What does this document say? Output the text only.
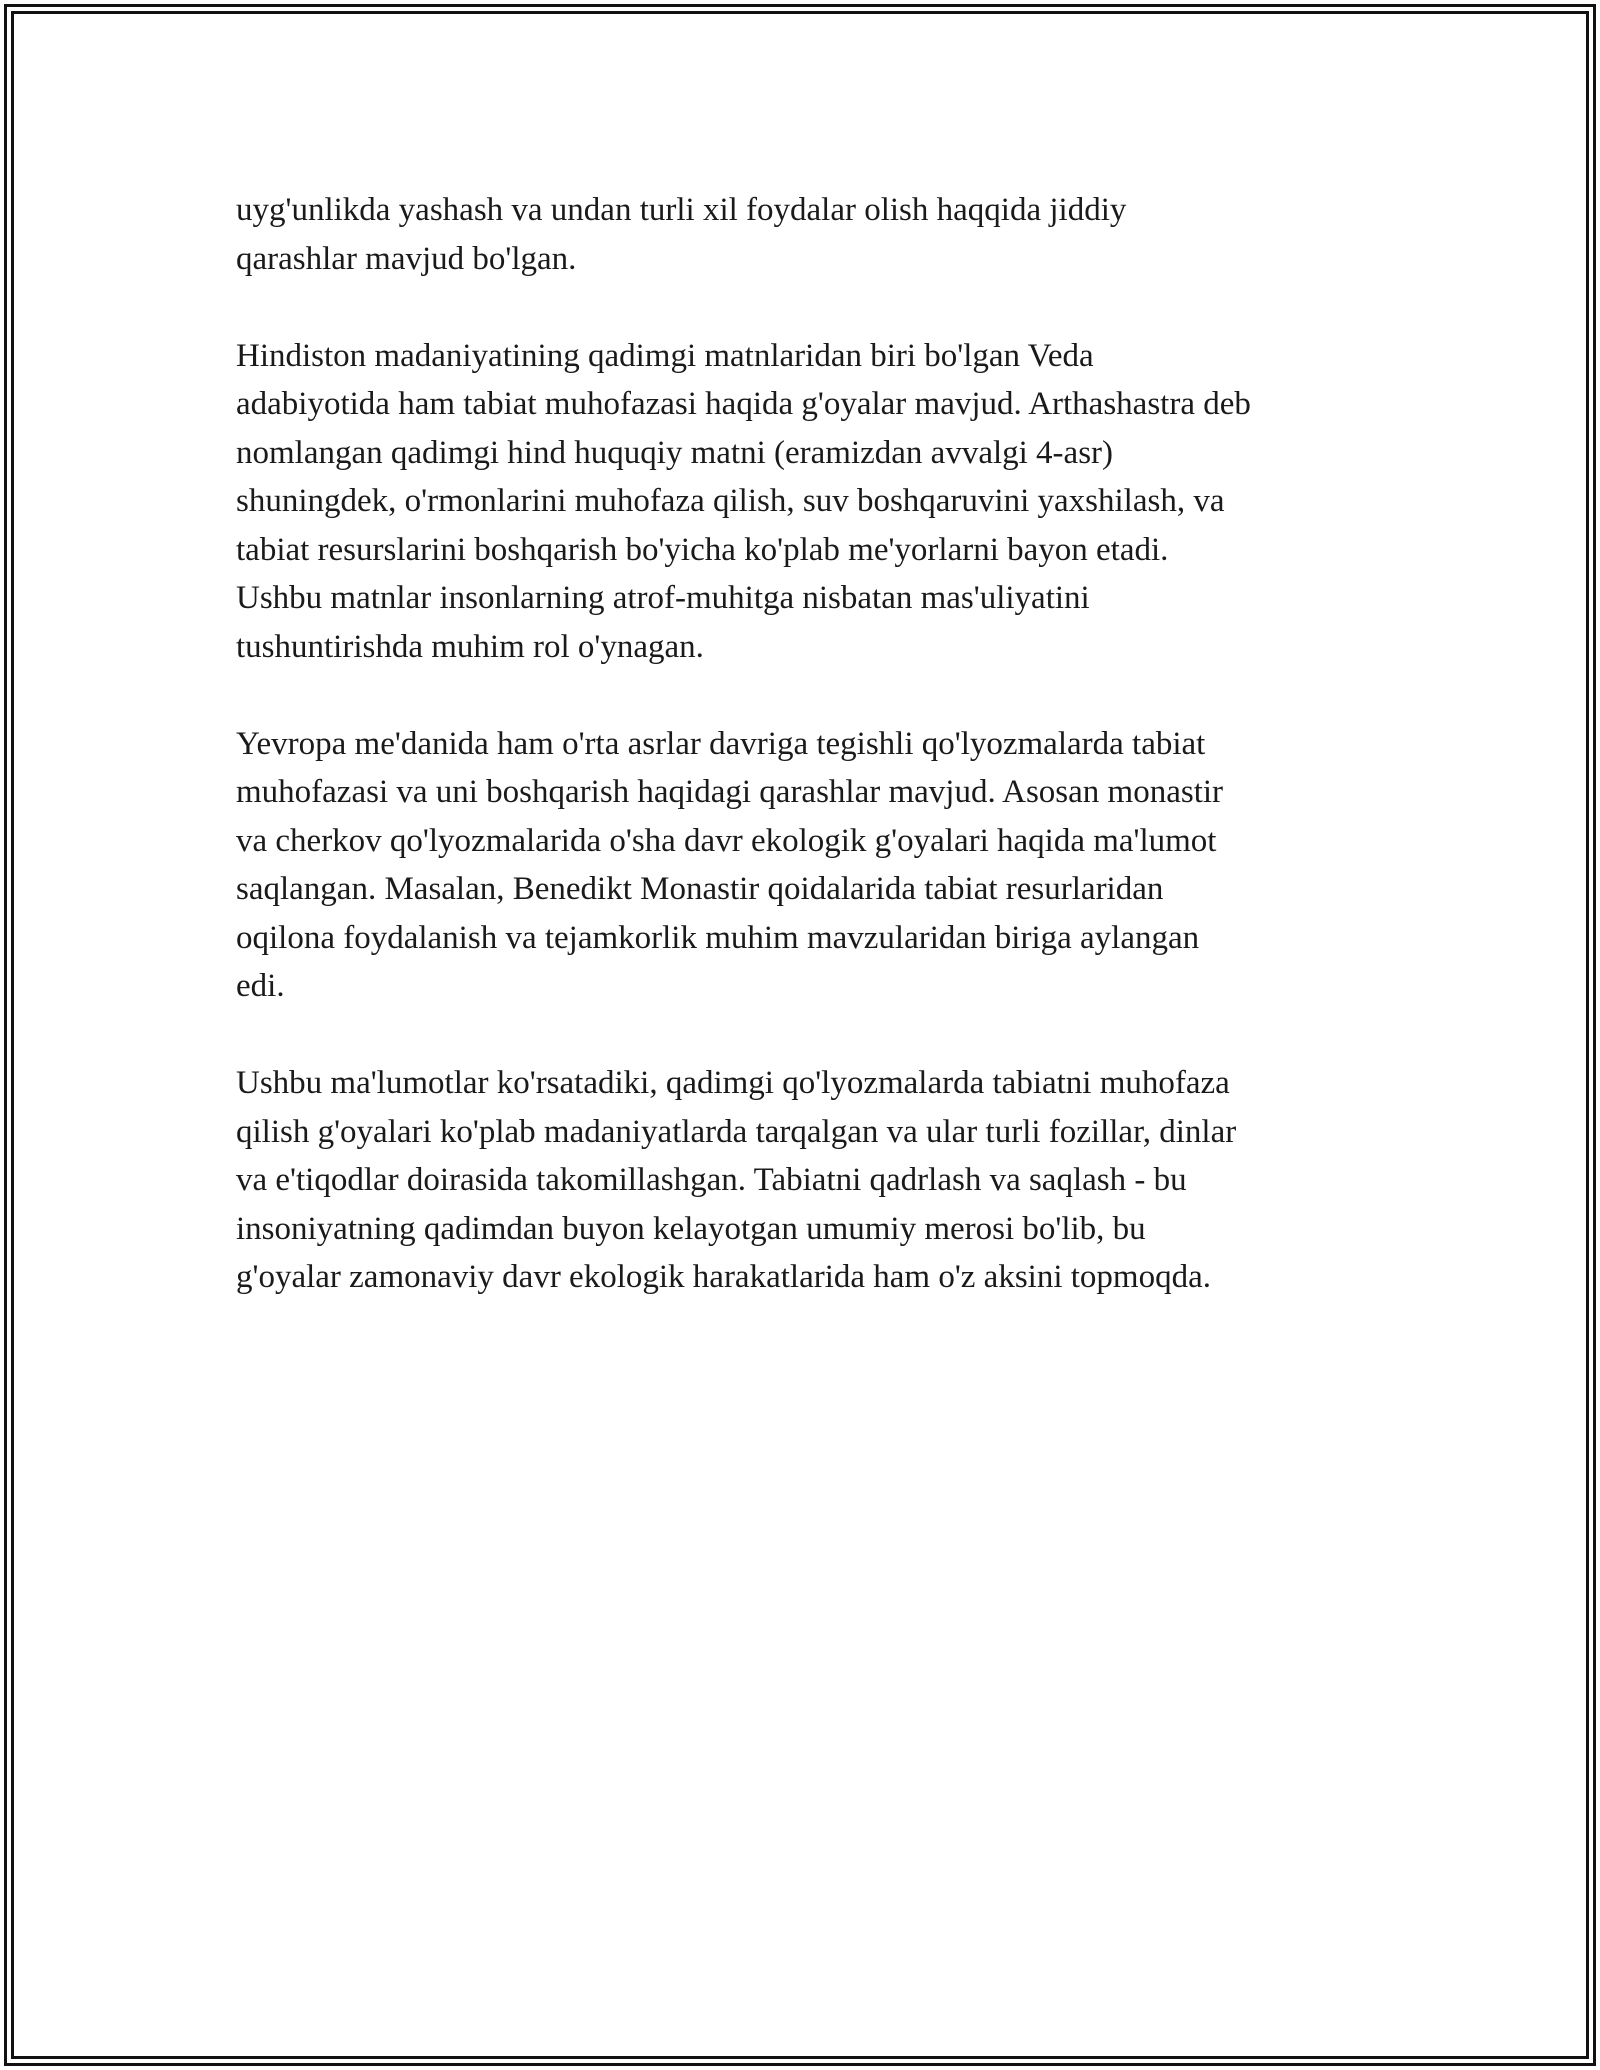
uyg'unlikda yashash va undan turli xil foydalar olish haqqida jiddiy
qarashlar mavjud bo'lgan.
Hindiston madaniyatining qadimgi matnlaridan biri bo'lgan Veda
adabiyotida ham tabiat muhofazasi haqida g'oyalar mavjud. Arthashastra deb
nomlangan qadimgi hind huquqiy matni (eramizdan avvalgi 4-asr)
shuningdek, o'rmonlarini muhofaza qilish, suv boshqaruvini yaxshilash, va
tabiat resurslarini boshqarish bo'yicha ko'plab me'yorlarni bayon etadi.
Ushbu matnlar insonlarning atrof-muhitga nisbatan mas'uliyatini
tushuntirishda muhim rol o'ynagan.
Yevropa me'danida ham o'rta asrlar davriga tegishli qo'lyozmalarda tabiat
muhofazasi va uni boshqarish haqidagi qarashlar mavjud. Asosan monastir
va cherkov qo'lyozmalarida o'sha davr ekologik g'oyalari haqida ma'lumot
saqlangan. Masalan, Benedikt Monastir qoidalarida tabiat resurlaridan
oqilona foydalanish va tejamkorlik muhim mavzularidan biriga aylangan
edi.
Ushbu ma'lumotlar ko'rsatadiki, qadimgi qo'lyozmalarda tabiatni muhofaza
qilish g'oyalari ko'plab madaniyatlarda tarqalgan va ular turli fozillar, dinlar
va e'tiqodlar doirasida takomillashgan. Tabiatni qadrlash va saqlash - bu
insoniyatning qadimdan buyon kelayotgan umumiy merosi bo'lib, bu
g'oyalar zamonaviy davr ekologik harakatlarida ham o'z aksini topmoqda.
